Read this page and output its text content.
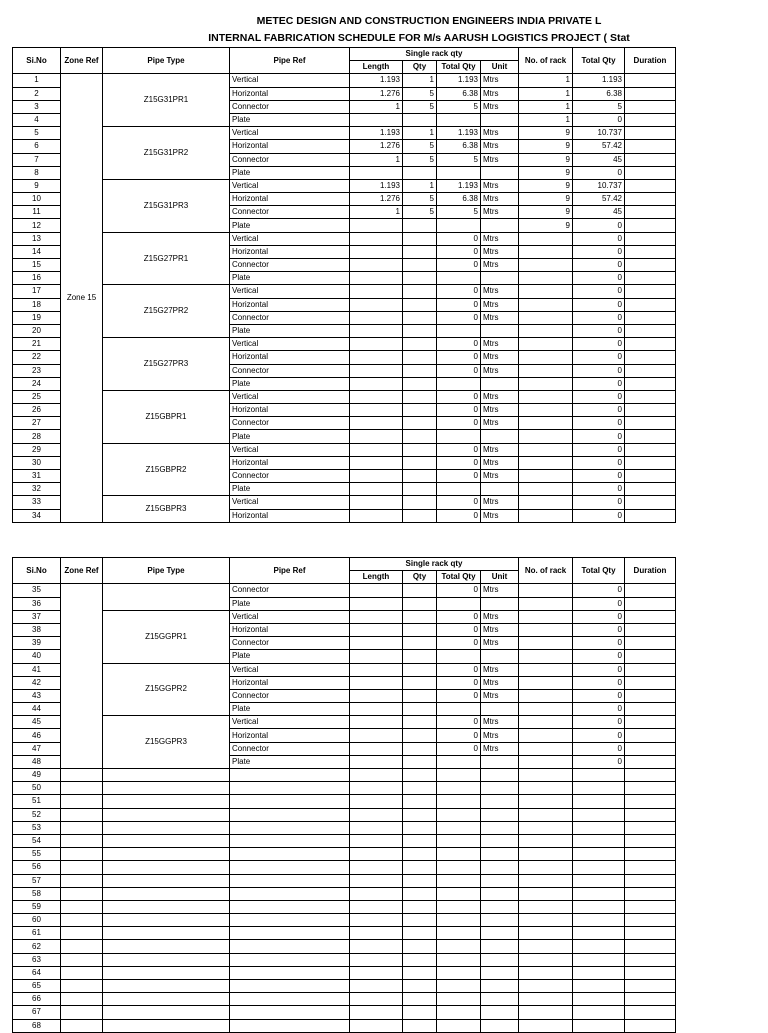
METEC DESIGN AND CONSTRUCTION ENGINEERS INDIA PRIVATE L
INTERNAL FABRICATION SCHEDULE FOR M/s AARUSH LOGISTICS PROJECT ( Stat
Si.No	Zone Ref	Pipe Type	Pipe Ref	Single rack qty				No. of rack	Total Qty	Duration
				Length	Qty	Total Qty	Unit			
1	Zone 15	Z15G31PR1	Vertical	1.193	1	1.193	Mtrs	1	1.193	
2			Horizontal	1.276	5	6.38	Mtrs	1	6.38	
3			Connector	1	5	5	Mtrs	1	5	
4			Plate					1	0	
5		Z15G31PR2	Vertical	1.193	1	1.193	Mtrs	9	10.737	
6			Horizontal	1.276	5	6.38	Mtrs	9	57.42	
7			Connector	1	5	5	Mtrs	9	45	
8			Plate					9	0	
9		Z15G31PR3	Vertical	1.193	1	1.193	Mtrs	9	10.737	
10			Horizontal	1.276	5	6.38	Mtrs	9	57.42	
11			Connector	1	5	5	Mtrs	9	45	
12			Plate					9	0	
13		Z15G27PR1	Vertical			0	Mtrs		0	
14			Horizontal			0	Mtrs		0	
15			Connector			0	Mtrs		0	
16			Plate						0	
17		Z15G27PR2	Vertical			0	Mtrs		0	
18			Horizontal			0	Mtrs		0	
19			Connector			0	Mtrs		0	
20			Plate						0	
21		Z15G27PR3	Vertical			0	Mtrs		0	
22			Horizontal			0	Mtrs		0	
23			Connector			0	Mtrs		0	
24			Plate						0	
25		Z15GBPR1	Vertical			0	Mtrs		0	
26			Horizontal			0	Mtrs		0	
27			Connector			0	Mtrs		0	
28			Plate						0	
29		Z15GBPR2	Vertical			0	Mtrs		0	
30			Horizontal			0	Mtrs		0	
31			Connector			0	Mtrs		0	
32			Plate						0	
33		Z15GBPR3	Vertical			0	Mtrs		0	
34			Horizontal			0	Mtrs		0	
Si.No	Zone Ref	Pipe Type	Pipe Ref	Single rack qty				No. of rack	Total Qty	Duration
				Length	Qty	Total Qty	Unit			
35			Connector			0	Mtrs		0	
36			Plate						0	
37		Z15GGPR1	Vertical			0	Mtrs		0	
38			Horizontal			0	Mtrs		0	
39			Connector			0	Mtrs		0	
40			Plate						0	
41		Z15GGPR2	Vertical			0	Mtrs		0	
42			Horizontal			0	Mtrs		0	
43			Connector			0	Mtrs		0	
44			Plate						0	
45		Z15GGPR3	Vertical			0	Mtrs		0	
46			Horizontal			0	Mtrs		0	
47			Connector			0	Mtrs		0	
48			Plate						0	
49										
50										
51										
52										
53										
54										
55										
56										
57										
58										
59										
60										
61										
62										
63										
64										
65										
66										
67										
68										
